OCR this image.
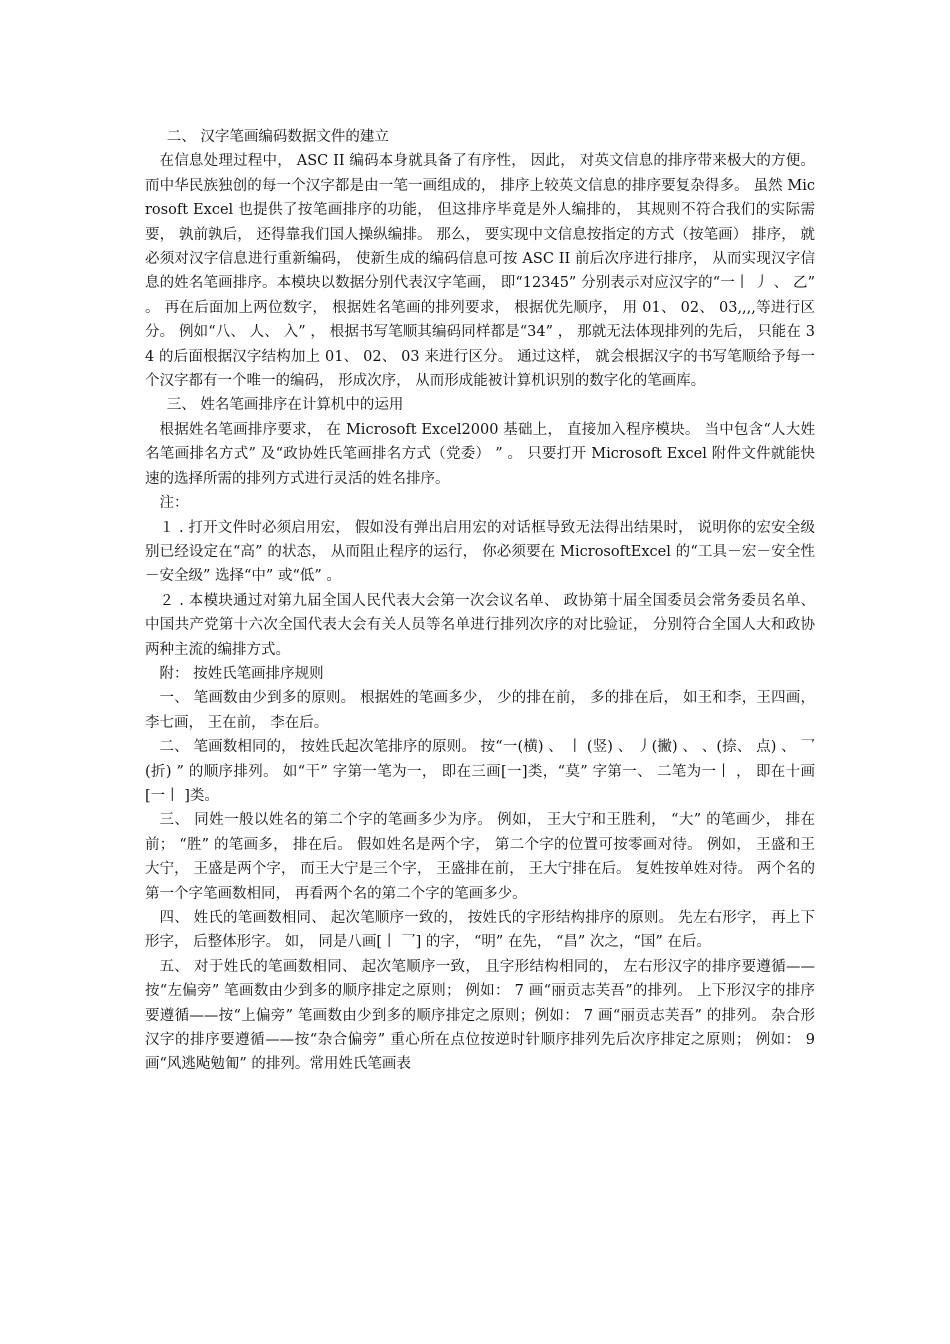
二、 汉字笔画编码数据文件的建立

在信息处理过程中， ASC II 编码本身就具备了有序性， 因此， 对英文信息的排序带来极大的方便。 而中华民族独创的每一个汉字都是由一笔一画组成的， 排序上较英文信息的排序要复杂得多。 虽然 Microsoft Excel 也提供了按笔画排序的功能， 但这排序毕竟是外人编排的， 其规则不符合我们的实际需要， 孰前孰后， 还得靠我们国人操纵编排。 那么， 要实现中文信息按指定的方式（按笔画） 排序， 就必须对汉字信息进行重新编码， 使新生成的编码信息可按 ASC II 前后次序进行排序， 从而实现汉字信息的姓名笔画排序。本模块以数据分别代表汉字笔画， 即“12345” 分别表示对应汉字的“一丨 丿 、 乙” 。 再在后面加上两位数字， 根据姓名笔画的排列要求， 根据优先顺序， 用 01、 02、 03,,,,等进行区分。 例如“八、 人、 入” ， 根据书写笔顺其编码同样都是“34” ， 那就无法体现排列的先后， 只能在 34 的后面根据汉字结构加上 01、 02、 03 来进行区分。 通过这样， 就会根据汉字的书写笔顺给予每一个汉字都有一个唯一的编码， 形成次序， 从而形成能被计算机识别的数字化的笔画库。

三、 姓名笔画排序在计算机中的运用

根据姓名笔画排序要求， 在 Microsoft Excel2000 基础上， 直接加入程序模块。 当中包含“人大姓名笔画排名方式” 及“政协姓氏笔画排名方式（党委） ” 。 只要打开 Microsoft Excel 附件文件就能快速的选择所需的排列方式进行灵活的姓名排序。

注：

１ . 打开文件时必须启用宏， 假如没有弹出启用宏的对话框导致无法得出结果时， 说明你的宏安全级别已经设定在“高” 的状态， 从而阻止程序的运行， 你必须要在 MicrosoftExcel 的“工具－宏－安全性－安全级” 选择“中” 或“低” 。

２ . 本模块通过对第九届全国人民代表大会第一次会议名单、 政协第十届全国委员会常务委员名单、 中国共产党第十六次全国代表大会有关人员等名单进行排列次序的对比验证， 分别符合全国人大和政协两种主流的编排方式。

附： 按姓氏笔画排序规则

一、 笔画数由少到多的原则。 根据姓的笔画多少， 少的排在前， 多的排在后， 如王和李，王四画， 李七画， 王在前， 李在后。

二、 笔画数相同的， 按姓氏起次笔排序的原则。 按“一(横) 、 丨 (竖) 、 丿(撇) 、 、(捺、 点) 、 乛(折) ” 的顺序排列。 如“干” 字第一笔为一， 即在三画[一]类，“莫” 字第一、 二笔为一丨 ， 即在十画[一丨 ]类。

三、 同姓一般以姓名的第二个字的笔画多少为序。 例如， 王大宁和王胜利， “大” 的笔画少， 排在前； “胜” 的笔画多， 排在后。 假如姓名是两个字， 第二个字的位置可按零画对待。 例如， 王盛和王大宁， 王盛是两个字， 而王大宁是三个字， 王盛排在前， 王大宁排在后。 复姓按单姓对待。 两个名的第一个字笔画数相同， 再看两个名的第二个字的笔画多少。

四、 姓氏的笔画数相同、 起次笔顺序一致的， 按姓氏的字形结构排序的原则。 先左右形字， 再上下形字， 后整体形字。 如， 同是八画[丨 乛] 的字， “明” 在先， “昌” 次之，“国” 在后。

五、 对于姓氏的笔画数相同、 起次笔顺序一致， 且字形结构相同的， 左右形汉字的排序要遵循——按“左偏旁” 笔画数由少到多的顺序排定之原则； 例如： 7 画“丽贡志芙吾”的排列。 上下形汉字的排序要遵循——按“上偏旁” 笔画数由少到多的顺序排定之原则；例如： 7 画“丽贡志芙吾” 的排列。 杂合形汉字的排序要遵循——按“杂合偏旁” 重心所在点位按逆时针顺序排列先后次序排定之原则； 例如： 9 画“风逃飐勉匍” 的排列。常用姓氏笔画表
